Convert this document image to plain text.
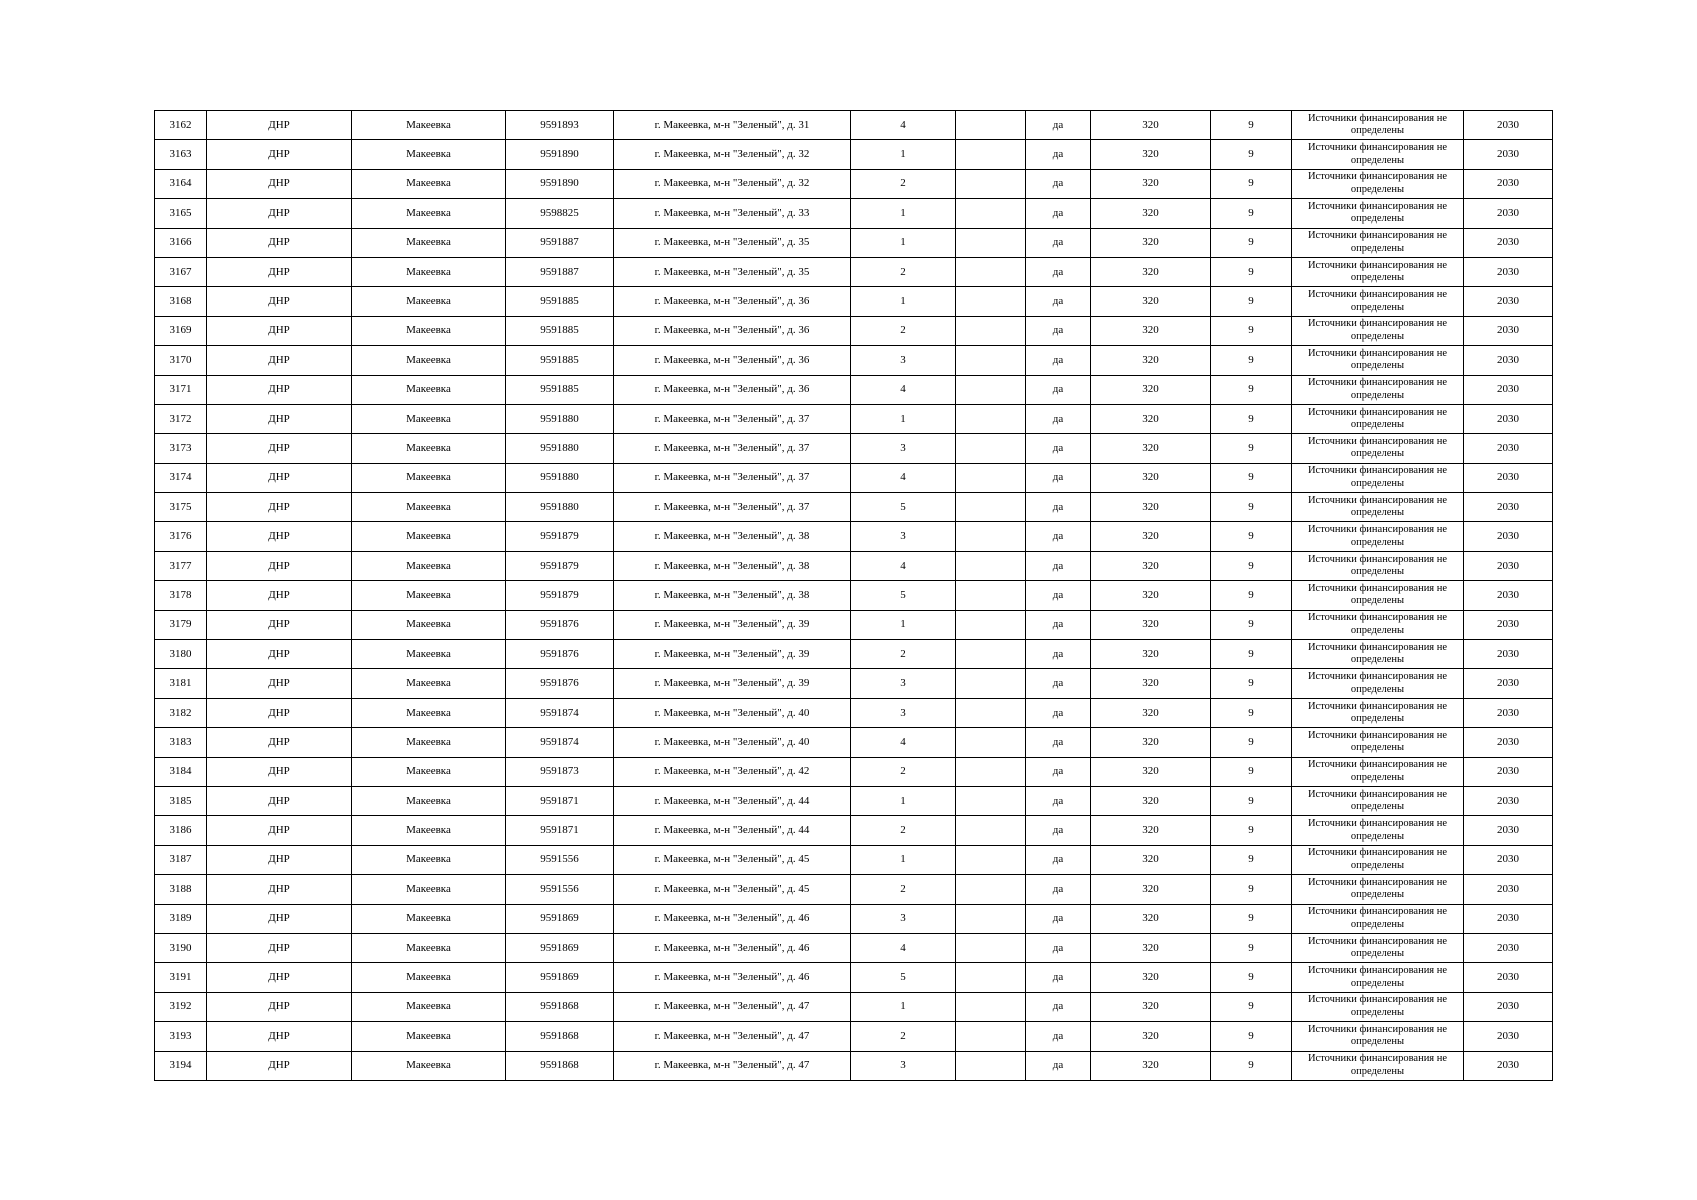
3162	ДНР	Макеевка	9591893	г. Макеевка, м-н "Зеленый", д. 31	4		да	320	9	Источники финансирования не определены	2030
3163	ДНР	Макеевка	9591890	г. Макеевка, м-н "Зеленый", д. 32	1		да	320	9	Источники финансирования не определены	2030
3164	ДНР	Макеевка	9591890	г. Макеевка, м-н "Зеленый", д. 32	2		да	320	9	Источники финансирования не определены	2030
3165	ДНР	Макеевка	9598825	г. Макеевка, м-н "Зеленый", д. 33	1		да	320	9	Источники финансирования не определены	2030
3166	ДНР	Макеевка	9591887	г. Макеевка, м-н "Зеленый", д. 35	1		да	320	9	Источники финансирования не определены	2030
3167	ДНР	Макеевка	9591887	г. Макеевка, м-н "Зеленый", д. 35	2		да	320	9	Источники финансирования не определены	2030
3168	ДНР	Макеевка	9591885	г. Макеевка, м-н "Зеленый", д. 36	1		да	320	9	Источники финансирования не определены	2030
3169	ДНР	Макеевка	9591885	г. Макеевка, м-н "Зеленый", д. 36	2		да	320	9	Источники финансирования не определены	2030
3170	ДНР	Макеевка	9591885	г. Макеевка, м-н "Зеленый", д. 36	3		да	320	9	Источники финансирования не определены	2030
3171	ДНР	Макеевка	9591885	г. Макеевка, м-н "Зеленый", д. 36	4		да	320	9	Источники финансирования не определены	2030
3172	ДНР	Макеевка	9591880	г. Макеевка, м-н "Зеленый", д. 37	1		да	320	9	Источники финансирования не определены	2030
3173	ДНР	Макеевка	9591880	г. Макеевка, м-н "Зеленый", д. 37	3		да	320	9	Источники финансирования не определены	2030
3174	ДНР	Макеевка	9591880	г. Макеевка, м-н "Зеленый", д. 37	4		да	320	9	Источники финансирования не определены	2030
3175	ДНР	Макеевка	9591880	г. Макеевка, м-н "Зеленый", д. 37	5		да	320	9	Источники финансирования не определены	2030
3176	ДНР	Макеевка	9591879	г. Макеевка, м-н "Зеленый", д. 38	3		да	320	9	Источники финансирования не определены	2030
3177	ДНР	Макеевка	9591879	г. Макеевка, м-н "Зеленый", д. 38	4		да	320	9	Источники финансирования не определены	2030
3178	ДНР	Макеевка	9591879	г. Макеевка, м-н "Зеленый", д. 38	5		да	320	9	Источники финансирования не определены	2030
3179	ДНР	Макеевка	9591876	г. Макеевка, м-н "Зеленый", д. 39	1		да	320	9	Источники финансирования не определены	2030
3180	ДНР	Макеевка	9591876	г. Макеевка, м-н "Зеленый", д. 39	2		да	320	9	Источники финансирования не определены	2030
3181	ДНР	Макеевка	9591876	г. Макеевка, м-н "Зеленый", д. 39	3		да	320	9	Источники финансирования не определены	2030
3182	ДНР	Макеевка	9591874	г. Макеевка, м-н "Зеленый", д. 40	3		да	320	9	Источники финансирования не определены	2030
3183	ДНР	Макеевка	9591874	г. Макеевка, м-н "Зеленый", д. 40	4		да	320	9	Источники финансирования не определены	2030
3184	ДНР	Макеевка	9591873	г. Макеевка, м-н "Зеленый", д. 42	2		да	320	9	Источники финансирования не определены	2030
3185	ДНР	Макеевка	9591871	г. Макеевка, м-н "Зеленый", д. 44	1		да	320	9	Источники финансирования не определены	2030
3186	ДНР	Макеевка	9591871	г. Макеевка, м-н "Зеленый", д. 44	2		да	320	9	Источники финансирования не определены	2030
3187	ДНР	Макеевка	9591556	г. Макеевка, м-н "Зеленый", д. 45	1		да	320	9	Источники финансирования не определены	2030
3188	ДНР	Макеевка	9591556	г. Макеевка, м-н "Зеленый", д. 45	2		да	320	9	Источники финансирования не определены	2030
3189	ДНР	Макеевка	9591869	г. Макеевка, м-н "Зеленый", д. 46	3		да	320	9	Источники финансирования не определены	2030
3190	ДНР	Макеевка	9591869	г. Макеевка, м-н "Зеленый", д. 46	4		да	320	9	Источники финансирования не определены	2030
3191	ДНР	Макеевка	9591869	г. Макеевка, м-н "Зеленый", д. 46	5		да	320	9	Источники финансирования не определены	2030
3192	ДНР	Макеевка	9591868	г. Макеевка, м-н "Зеленый", д. 47	1		да	320	9	Источники финансирования не определены	2030
3193	ДНР	Макеевка	9591868	г. Макеевка, м-н "Зеленый", д. 47	2		да	320	9	Источники финансирования не определены	2030
3194	ДНР	Макеевка	9591868	г. Макеевка, м-н "Зеленый", д. 47	3		да	320	9	Источники финансирования не определены	2030
